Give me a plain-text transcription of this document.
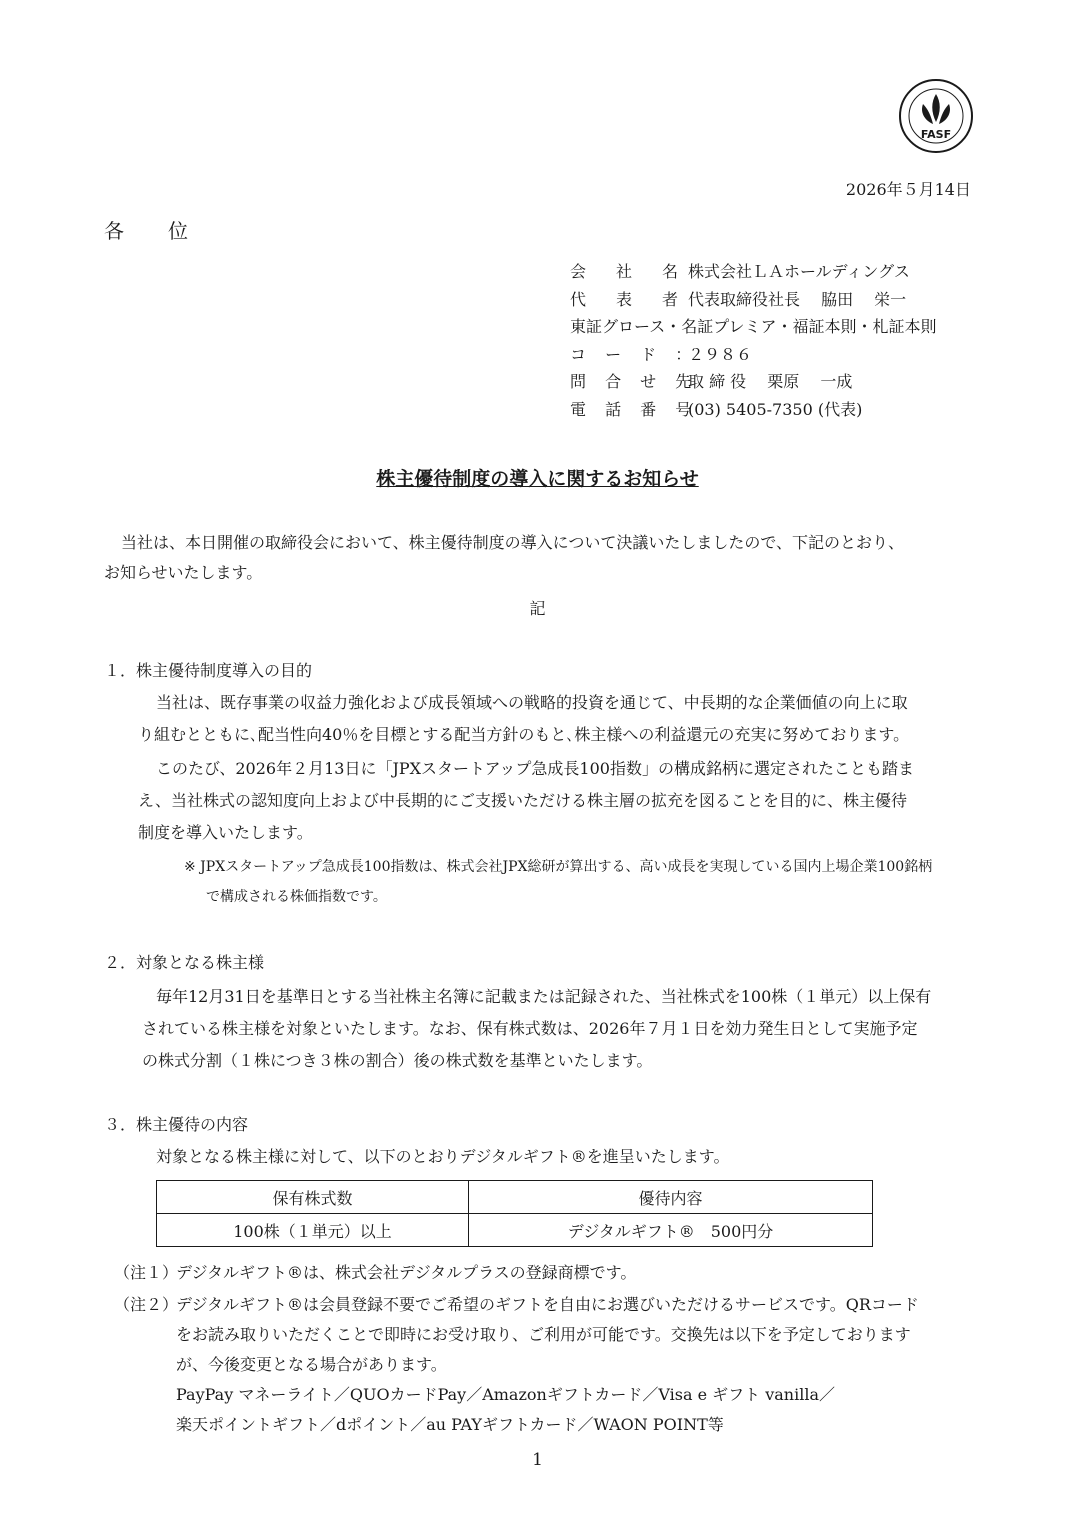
FASF
2026年５月14日
各　位
会　社　名 株式会社ＬＡホールディングス
代　表　者 代表取締役社長　 脇田　 栄一
東証グロース・名証プレミア・福証本則・札証本則
コ ー ド ：２９８６
問 合 せ 先取 締 役　 栗原　 一成
電 話 番 号(03) 5405-7350 (代表)
株主優待制度の導入に関するお知らせ
当社は、本日開催の取締役会において、株主優待制度の導入について決議いたしましたので、下記のとおり、
お知らせいたします。
記
１．株主優待制度導入の目的
当社は、既存事業の収益力強化および成長領域への戦略的投資を通じて、中長期的な企業価値の向上に取
り組むとともに､配当性向40％を目標とする配当方針のもと､株主様への利益還元の充実に努めております。
このたび、2026年２月13日に「JPXスタートアップ急成長100指数」の構成銘柄に選定されたことも踏ま
え、当社株式の認知度向上および中長期的にご支援いただける株主層の拡充を図ることを目的に、株主優待
制度を導入いたします。
※ JPXスタートアップ急成長100指数は、株式会社JPX総研が算出する、高い成長を実現している国内上場企業100銘柄
で構成される株価指数です。
２．対象となる株主様
毎年12月31日を基準日とする当社株主名簿に記載または記録された、当社株式を100株（１単元）以上保有
されている株主様を対象といたします。なお、保有株式数は、2026年７月１日を効力発生日として実施予定
の株式分割（１株につき３株の割合）後の株式数を基準といたします。
３．株主優待の内容
対象となる株主様に対して、以下のとおりデジタルギフト®を進呈いたします。
保有株式数	優待内容
100株（１単元）以上	デジタルギフト®　500円分
（注１）
デジタルギフト®は、株式会社デジタルプラスの登録商標です。
（注２）
デジタルギフト®は会員登録不要でご希望のギフトを自由にお選びいただけるサービスです。QRコード
をお読み取りいただくことで即時にお受け取り、ご利用が可能です。交換先は以下を予定しております
が、今後変更となる場合があります。
PayPay マネーライト／QUOカードPay／Amazonギフトカード／Visa e ギフト vanilla／
楽天ポイントギフト／dポイント／au PAYギフトカード／WAON POINT等
1
